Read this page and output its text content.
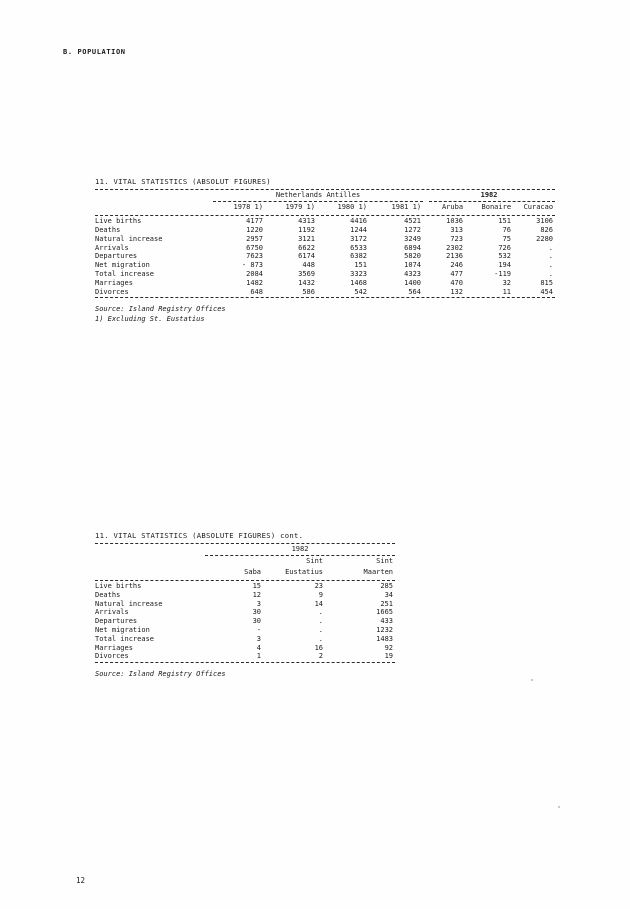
B. POPULATION
11. VITAL STATISTICS (ABSOLUT FIGURES)
	Netherlands Antilles				1982		

	1978 1)	1979 1)	1980 1)	1981 1)	Aruba	Bonaire	Curacao
Live births	4177	4313	4416	4521	1036	151	3106
Deaths	1220	1192	1244	1272	313	76	826
Natural increase	2957	3121	3172	3249	723	75	2280
Arrivals	6750	6622	6533	6894	2302	726	.
Departures	7623	6174	6382	5820	2136	532	.
Net migration	- 873	448	151	1074	246	194	.
Total increase	2084	3569	3323	4323	477	-119	.
Marriages	1482	1432	1468	1400	470	32	815
Divorces	648	586	542	564	132	11	454
Source: Island Registry Offices
1) Excluding St. Eustatius
11. VITAL STATISTICS (ABSOLUTE FIGURES) cont.
	1982		

		Sint	Sint
	Saba	Eustatius	Maarten
Live births	15	23	285
Deaths	12	9	34
Natural increase	3	14	251
Arrivals	30	.	1665
Departures	30	.	433
Net migration	-	.	1232
Total increase	3	.	1483
Marriages	4	16	92
Divorces	1	2	19
Source: Island Registry Offices
12
